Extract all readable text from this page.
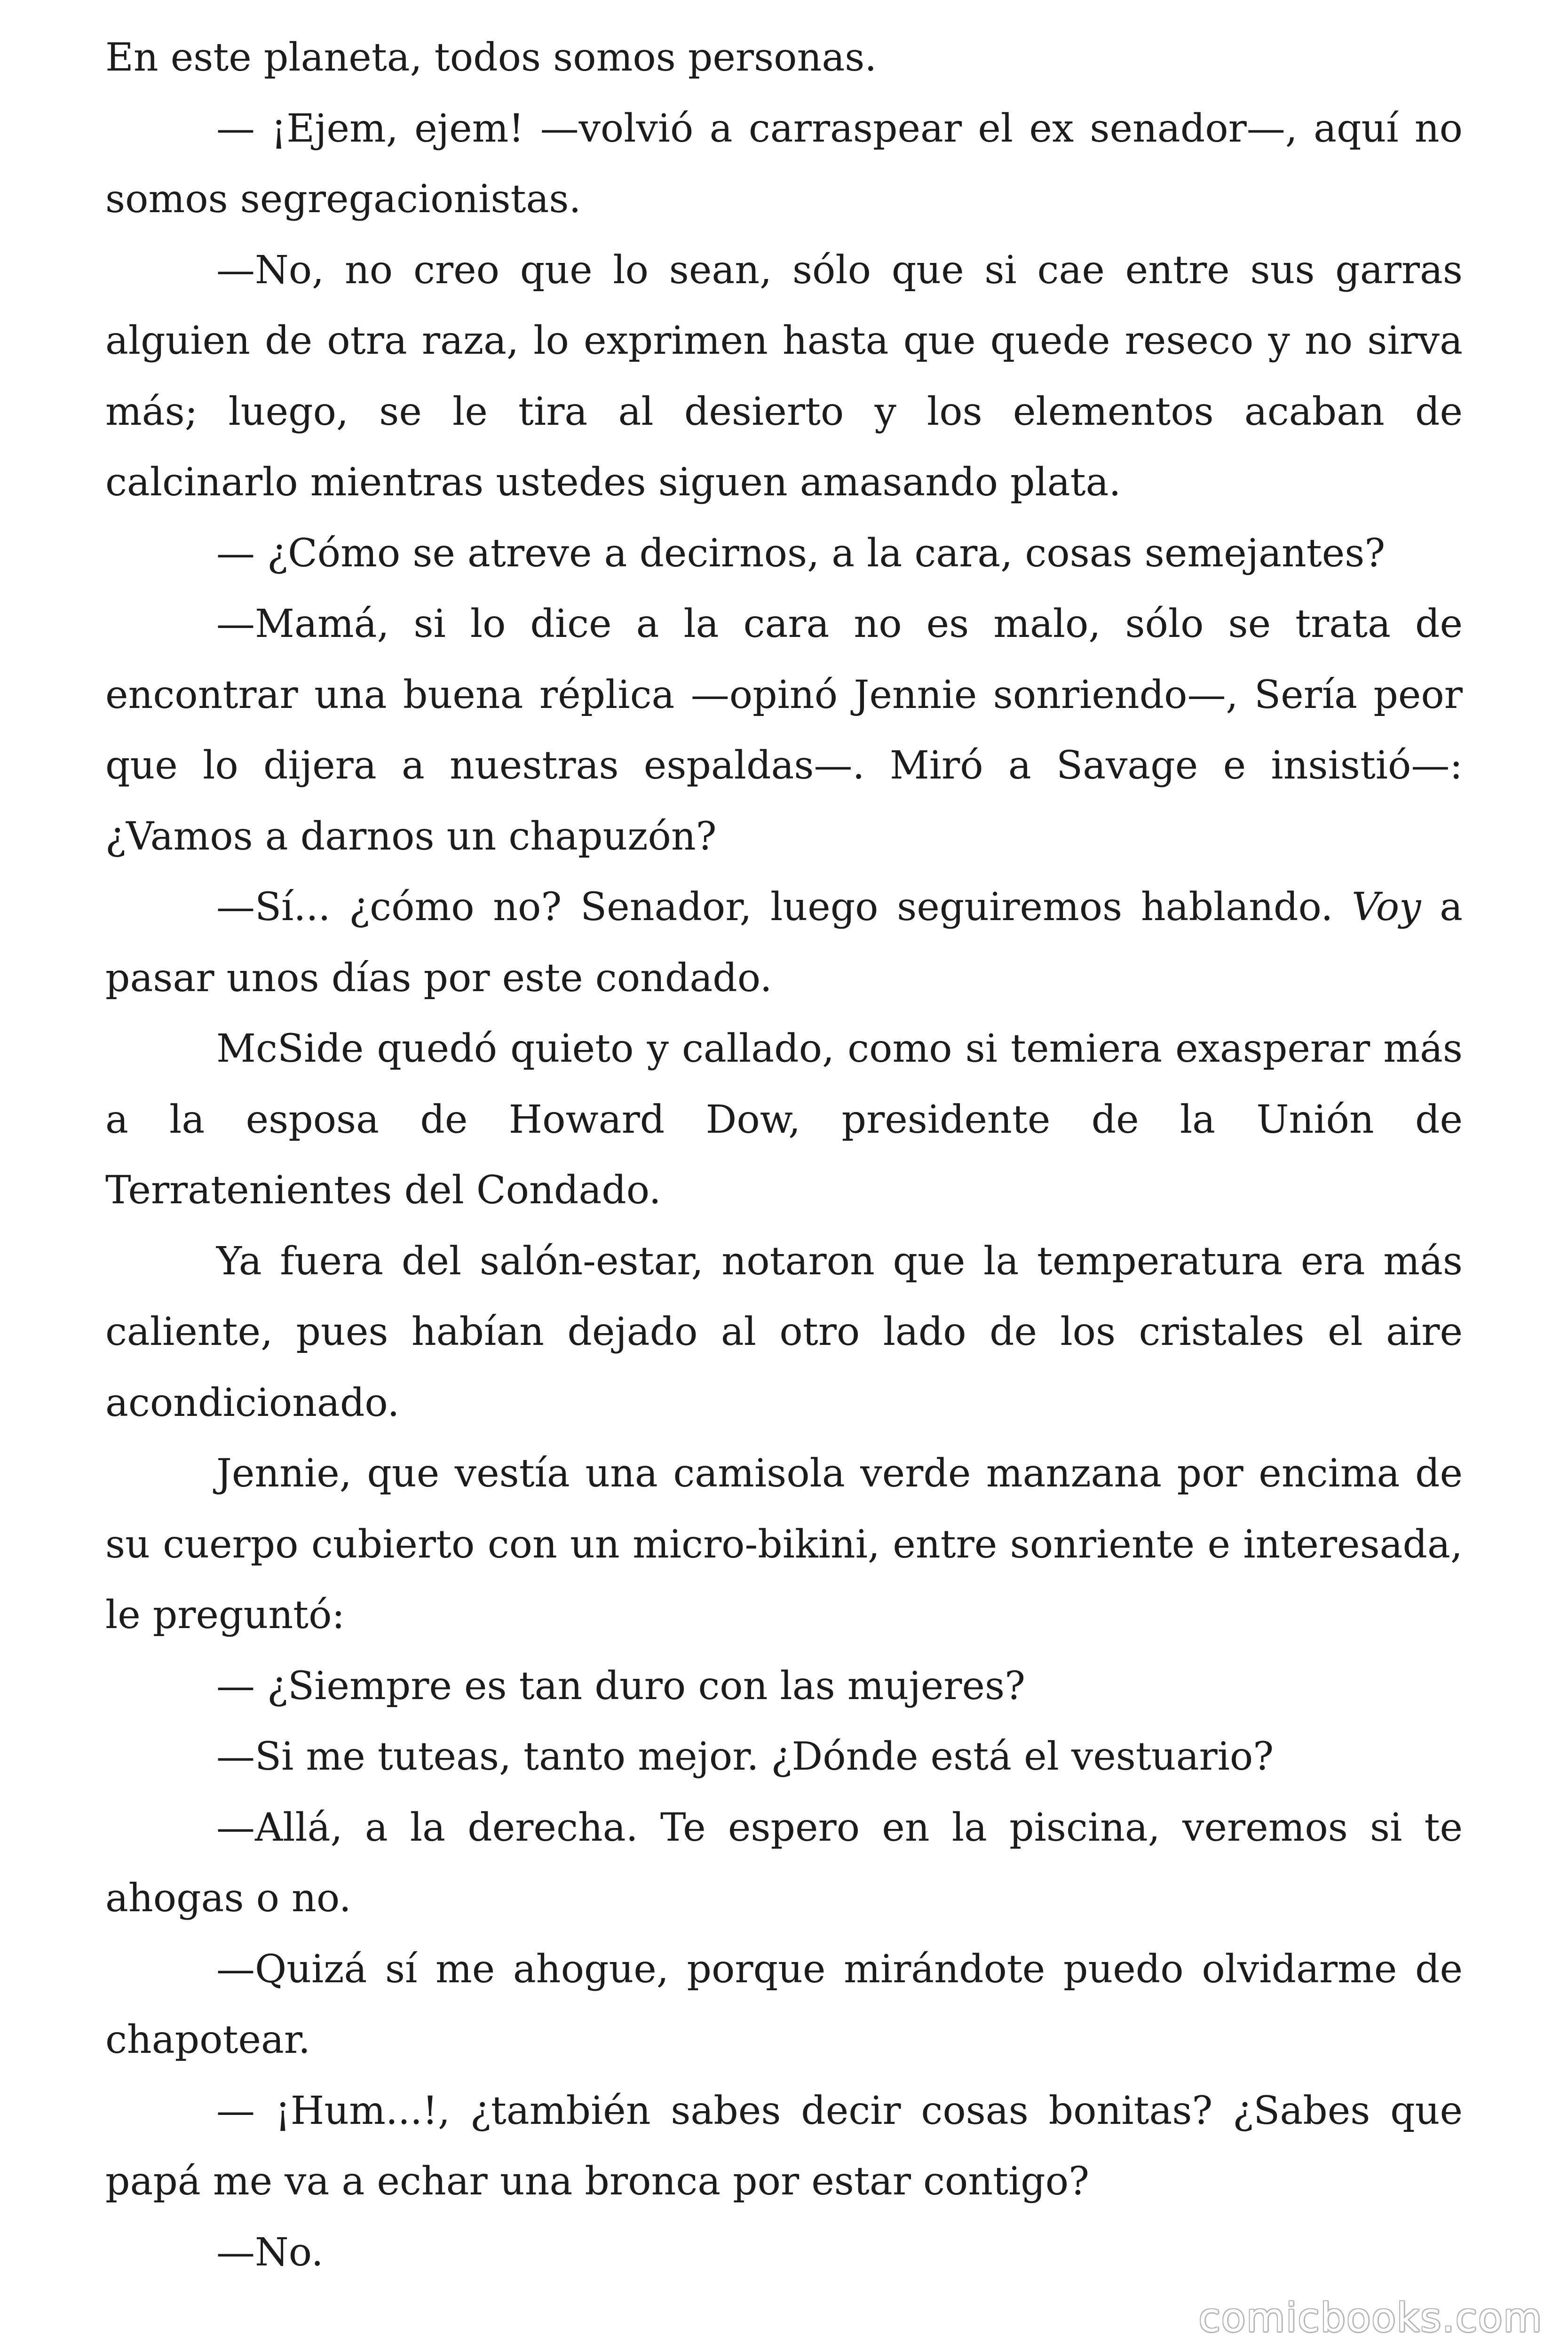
En este planeta, todos somos personas.

— ¡Ejem, ejem! —volvió a carraspear el ex senador—, aquí no somos segregacionistas.

—No, no creo que lo sean, sólo que si cae entre sus garras alguien de otra raza, lo exprimen hasta que quede reseco y no sirva más; luego, se le tira al desierto y los elementos acaban de calcinarlo mientras ustedes siguen amasando plata.

— ¿Cómo se atreve a decirnos, a la cara, cosas semejantes?

—Mamá, si lo dice a la cara no es malo, sólo se trata de encontrar una buena réplica —opinó Jennie sonriendo—, Sería peor que lo dijera a nuestras espaldas—. Miró a Savage e insistió—: ¿Vamos a darnos un chapuzón?

—Sí... ¿cómo no? Senador, luego seguiremos hablando. Voy a pasar unos días por este condado.

McSide quedó quieto y callado, como si temiera exasperar más a la esposa de Howard Dow, presidente de la Unión de Terratenientes del Condado.

Ya fuera del salón-estar, notaron que la temperatura era más caliente, pues habían dejado al otro lado de los cristales el aire acondicionado.

Jennie, que vestía una camisola verde manzana por encima de su cuerpo cubierto con un micro-bikini, entre sonriente e interesada, le preguntó:

— ¿Siempre es tan duro con las mujeres?

—Si me tuteas, tanto mejor. ¿Dónde está el vestuario?

—Allá, a la derecha. Te espero en la piscina, veremos si te ahogas o no.

—Quizá sí me ahogue, porque mirándote puedo olvidarme de chapotear.

— ¡Hum...!, ¿también sabes decir cosas bonitas? ¿Sabes que papá me va a echar una bronca por estar contigo?

—No.

comicbooks.com
